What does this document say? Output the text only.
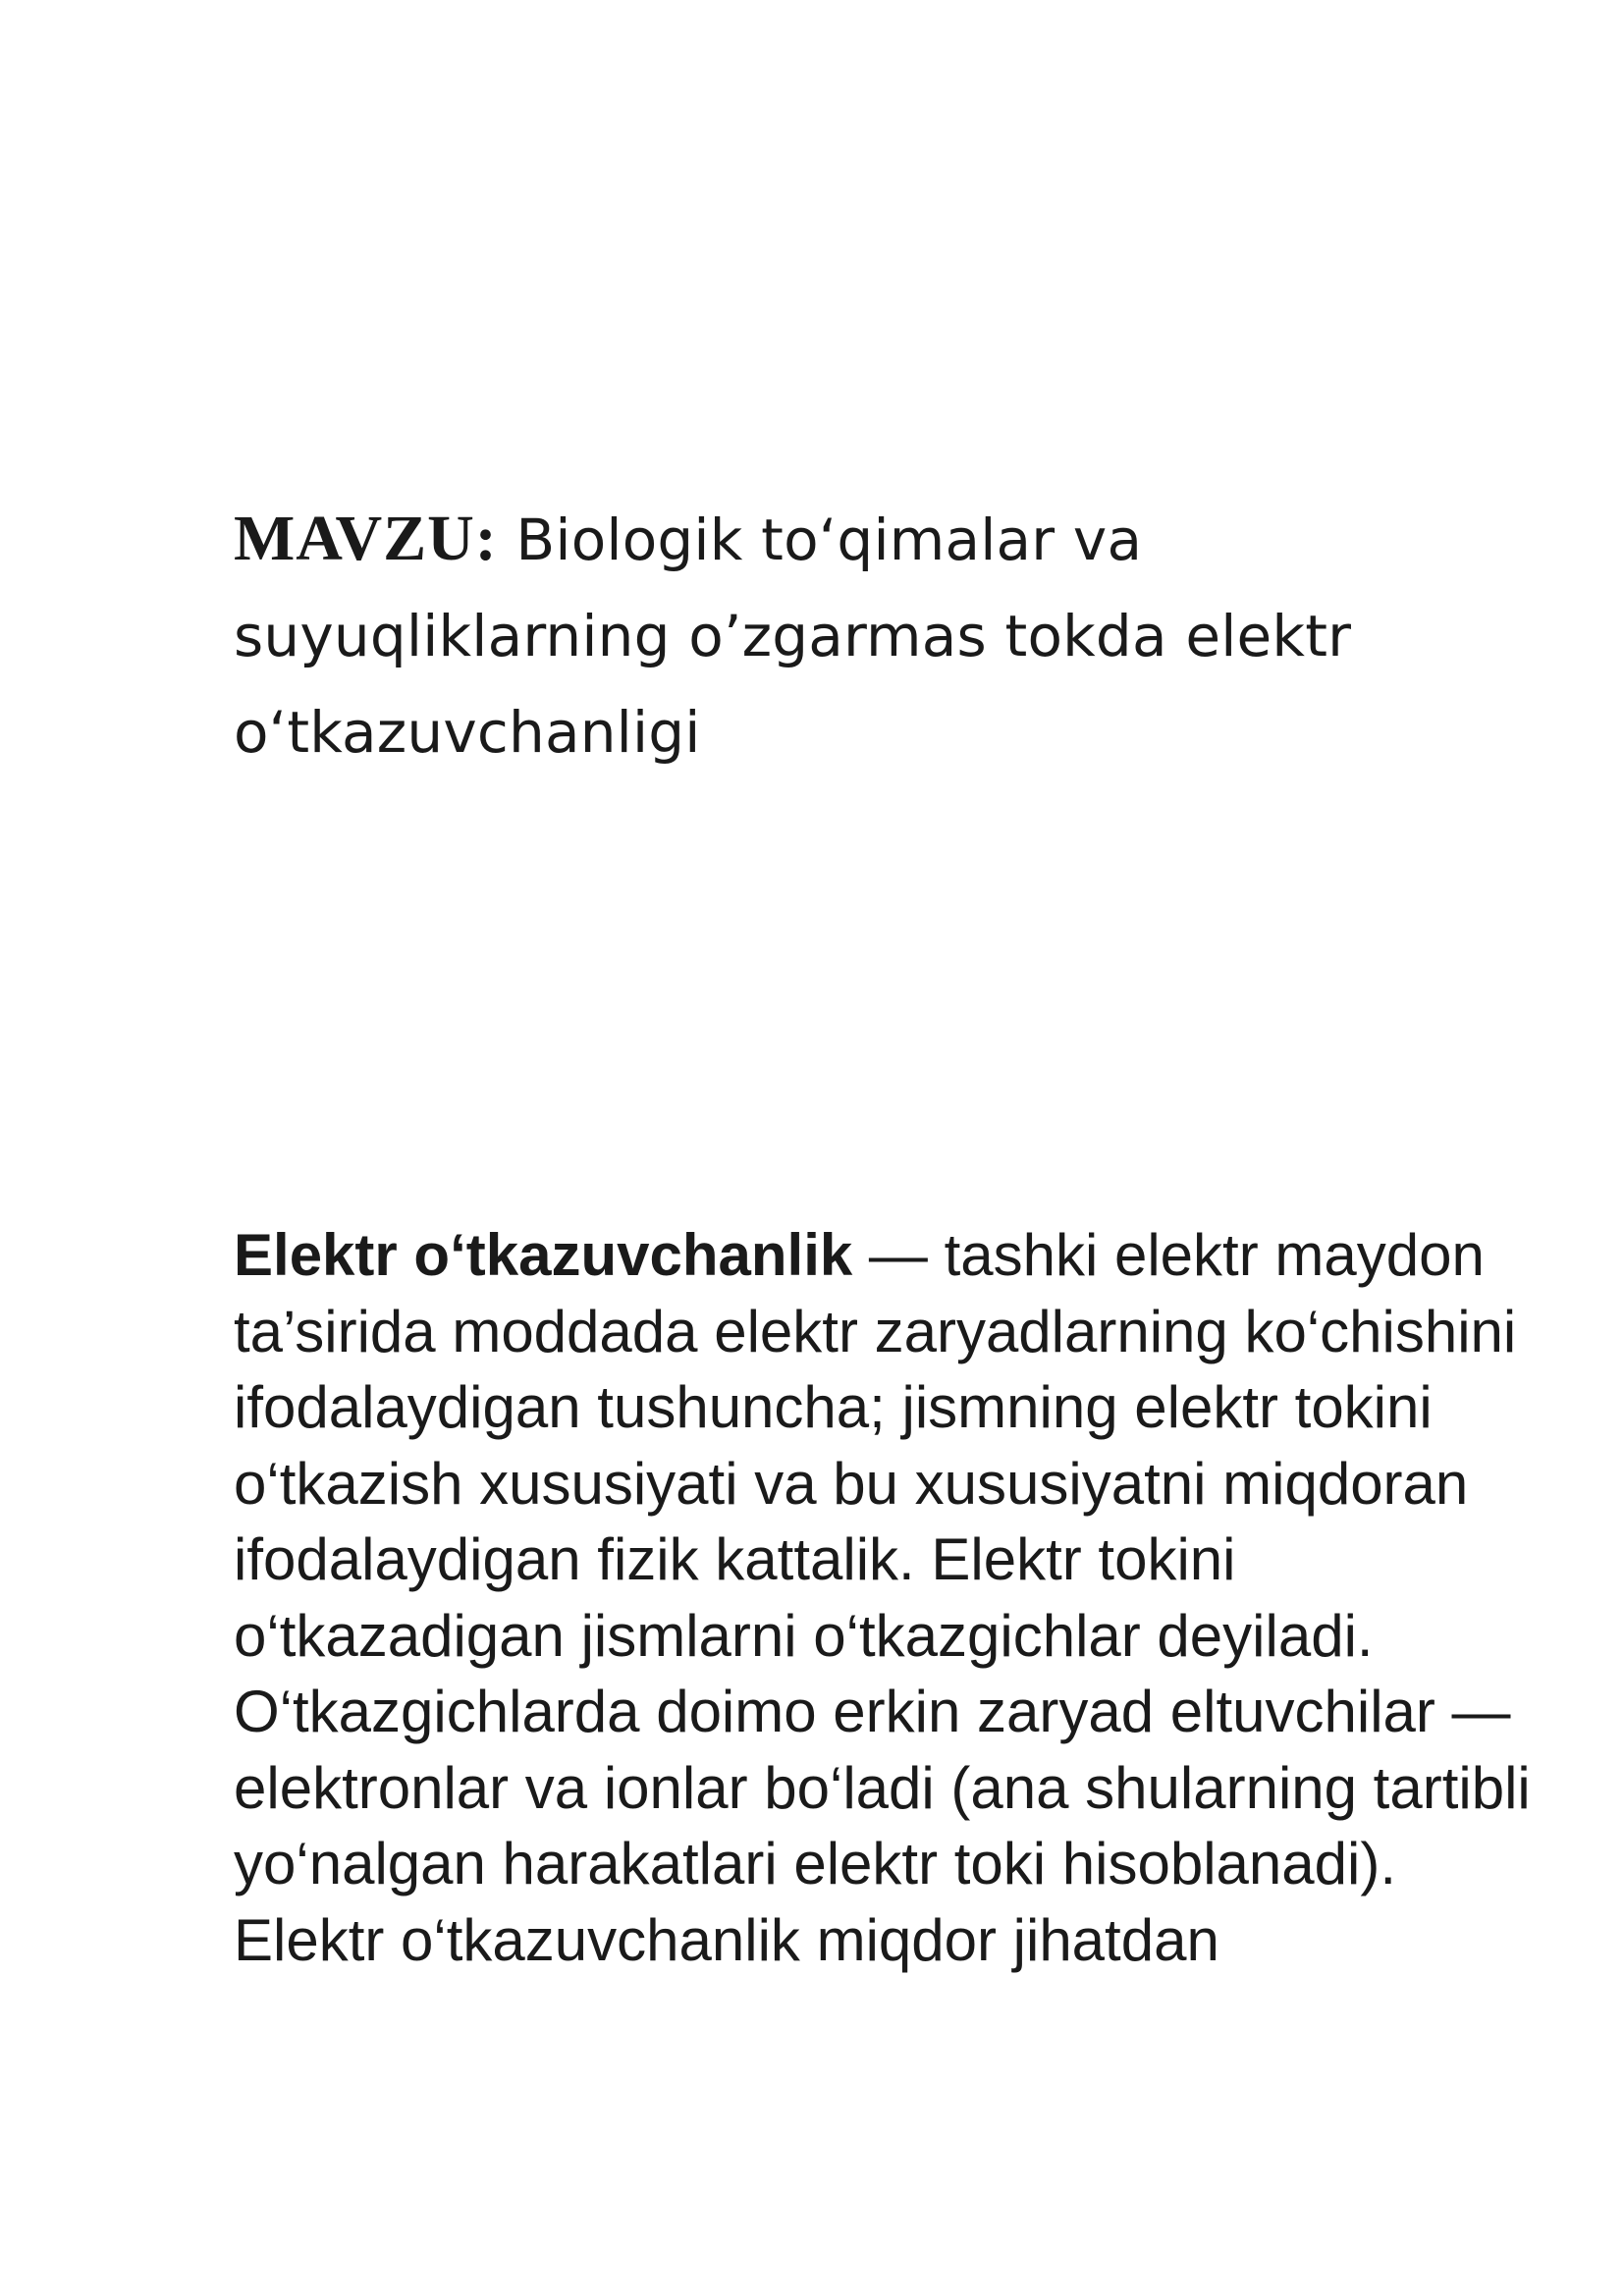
MAVZU: Biologik to‘qimalar va suyuqliklarning o’zgarmas tokda elektr o‘tkazuvchanligi
Elektr o‘tkazuvchanlik — tashki elektr maydon ta’sirida moddada elektr zaryadlarning ko‘chishini ifodalaydigan tushuncha; jismning elektr tokini o‘tkazish xususiyati va bu xususiyatni miqdoran ifodalaydigan fizik kattalik. Elektr tokini o‘tkazadigan jismlarni o‘tkazgichlar deyiladi. O‘tkazgichlarda doimo erkin zaryad eltuvchilar — elektronlar va ionlar bo‘ladi (ana shularning tartibli yo‘nalgan harakatlari elektr toki hisoblanadi). Elektr o‘tkazuvchanlik miqdor jihatdan
